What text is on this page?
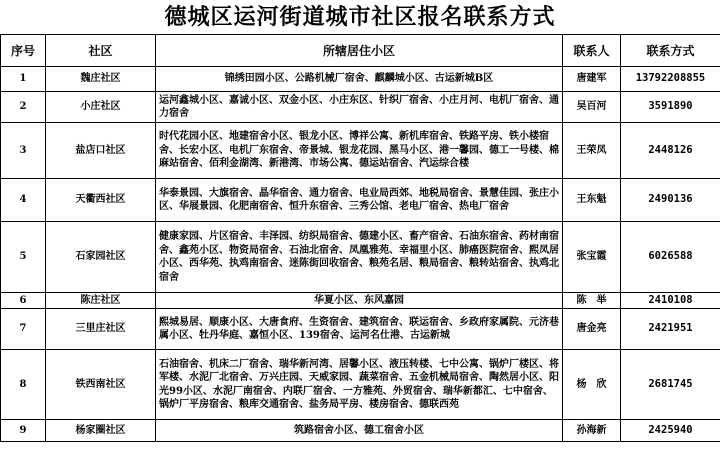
德城区运河街道城市社区报名联系方式
序号	社区	所辖居住小区	联系人	联系方式
1	魏庄社区	锦绣田园小区、公路机械厂宿舍、麒麟城小区、古运新城B区	唐建军	13792208855
2	小庄社区	运河鑫城小区、嘉诚小区、双金小区、小庄东区、针织厂宿舍、小庄月河、电机厂宿舍、通力宿舍	吴百河	3591890
3	盐店口社区	时代花园小区、地建宿舍小区、银龙小区、博祥公寓、新机库宿舍、铁路平房、铁小楼宿舍、长宏小区、电机厂东宿舍、帝景城、银龙花园、黑马小区、港一馨园、德工一号楼、棉麻站宿舍、佰利金湖湾、新港湾、市场公寓、德运站宿舍、汽运综合楼	王荣凤	2448126
4	天衢西社区	华泰景园、大旗宿舍、晶华宿舍、通力宿舍、电业局西郊、地税局宿舍、景慧佳园、张庄小区、华展景园、化肥南宿舍、恒升东宿舍、三秀公馆、老电厂宿舍、热电厂宿舍	王东魁	2490136
5	石家园社区	健康家园、片区宿舍、丰泽园、纺织局宿舍、德建小区、畜产宿舍、石油东宿舍、药材南宿舍、鑫苑小区、物资局宿舍、石油北宿舍、凤凰雅苑、幸福里小区、肺癌医院宿舍、熙凤居小区、西华苑、执鸡南宿舍、迷陈街回收宿舍、粮苑名居、粮局宿舍、粮转站宿舍、执鸡北宿舍	张宝霞	6026588
6	陈庄社区	华夏小区、东风嘉园	陈　举	2410108
7	三里庄社区	熙城易居、顺康小区、大唐食府、生资宿舍、建筑宿舍、联运宿舍、乡政府家属院、元济巷属小区、牡丹华庭、嘉恒小区、139宿舍、运河名仕港、古运新城	唐金亮	2421951
8	铁西南社区	石油宿舍、机床二厂宿舍、瑞华新河湾、居馨小区、液压转楼、七中公寓、锅炉厂楼区、将军楼、水泥厂北宿舍、万兴庄园、天威家园、蔬菜宿舍、五金机械局宿舍、陶然居小区、阳光99小区、水泥厂南宿舍、内联厂宿舍、一方雅苑、外贸宿舍、瑞华新都汇、七中宿舍、锅炉厂平房宿舍、粮库交通宿舍、盐务局平房、楼房宿舍、德联西苑	杨　欣	2681745
9	杨家圈社区	筑路宿舍小区、德工宿舍小区	孙海新	2425940
